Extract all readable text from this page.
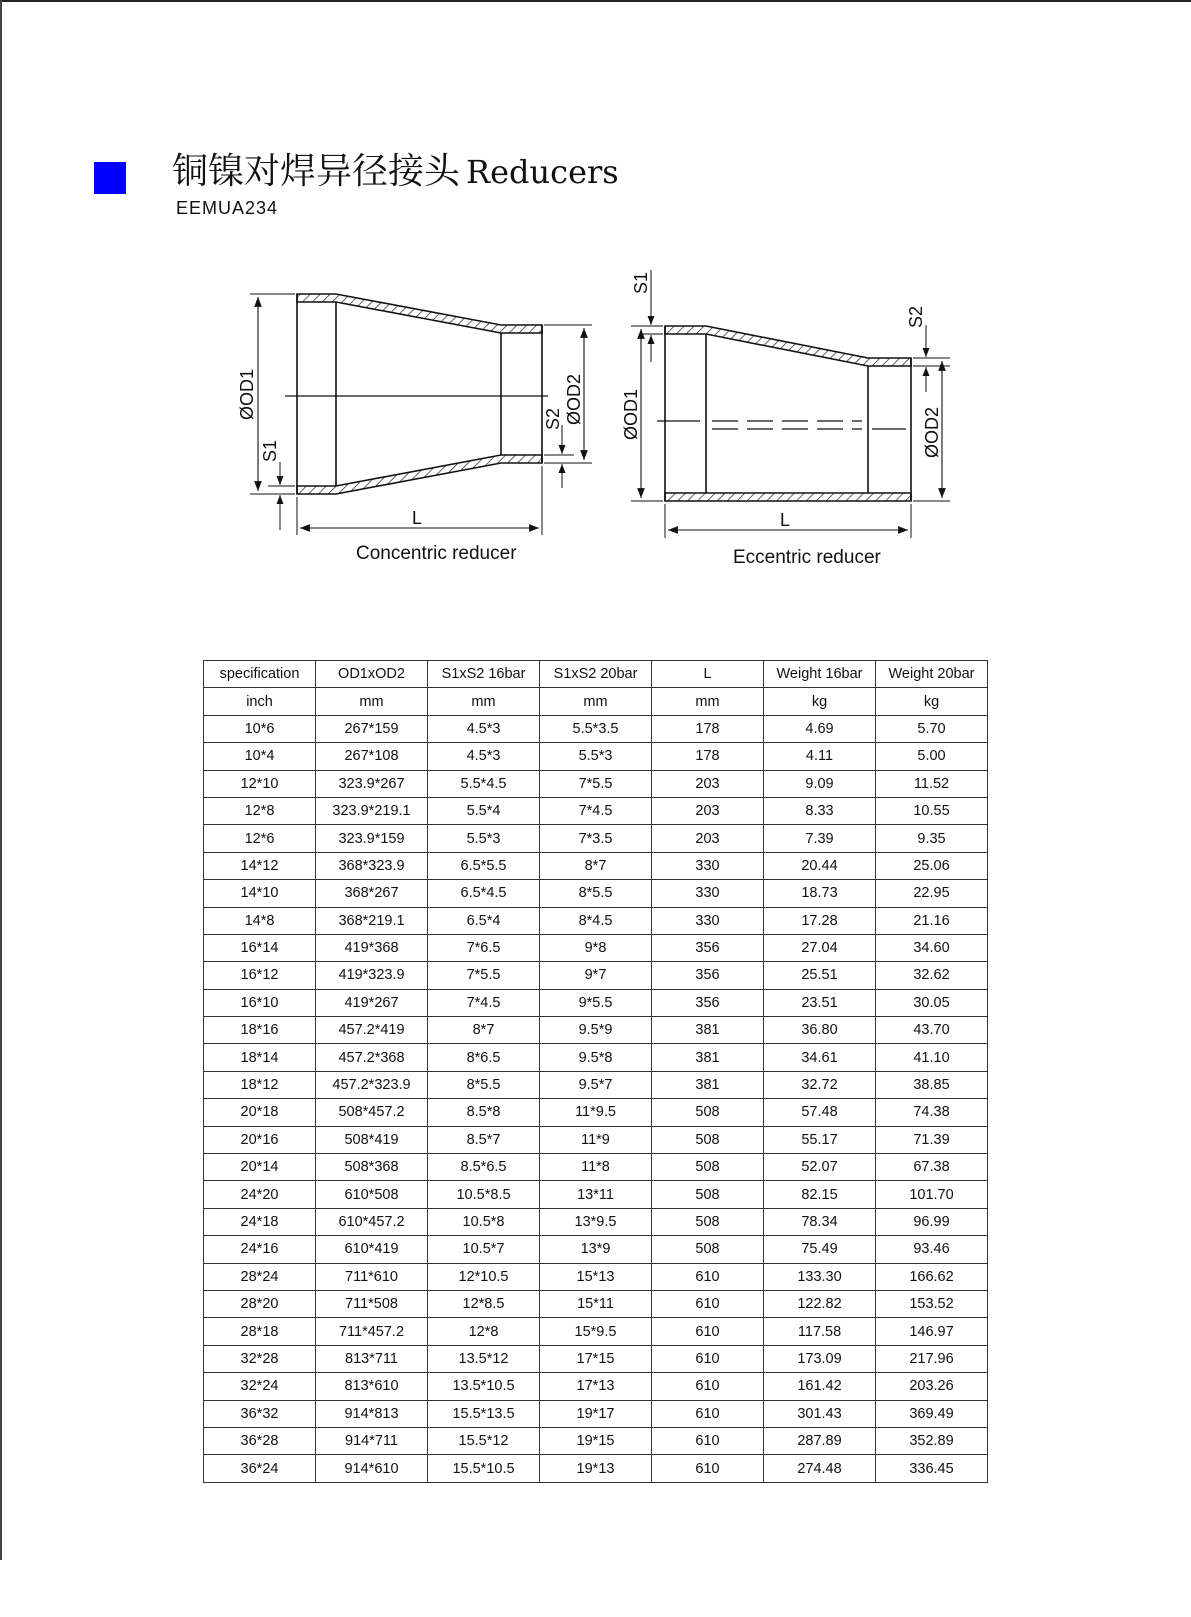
铜镍对焊异径接头 Reducers
EEMUA234
ØOD1
S1
S2 ØOD2
L
ØOD1
S1
S2
ØOD2
L
Concentric reducer	Eccentric reducer
specification	OD1xOD2	S1xS2 16bar	S1xS2 20bar	L	Weight 16bar	Weight 20bar
inch	mm	mm	mm	mm	kg	kg
10*6	267*159	4.5*3	5.5*3.5	178	4.69	5.70
10*4	267*108	4.5*3	5.5*3	178	4.11	5.00
12*10	323.9*267	5.5*4.5	7*5.5	203	9.09	11.52
12*8	323.9*219.1	5.5*4	7*4.5	203	8.33	10.55
12*6	323.9*159	5.5*3	7*3.5	203	7.39	9.35
14*12	368*323.9	6.5*5.5	8*7	330	20.44	25.06
14*10	368*267	6.5*4.5	8*5.5	330	18.73	22.95
14*8	368*219.1	6.5*4	8*4.5	330	17.28	21.16
16*14	419*368	7*6.5	9*8	356	27.04	34.60
16*12	419*323.9	7*5.5	9*7	356	25.51	32.62
16*10	419*267	7*4.5	9*5.5	356	23.51	30.05
18*16	457.2*419	8*7	9.5*9	381	36.80	43.70
18*14	457.2*368	8*6.5	9.5*8	381	34.61	41.10
18*12	457.2*323.9	8*5.5	9.5*7	381	32.72	38.85
20*18	508*457.2	8.5*8	11*9.5	508	57.48	74.38
20*16	508*419	8.5*7	11*9	508	55.17	71.39
20*14	508*368	8.5*6.5	11*8	508	52.07	67.38
24*20	610*508	10.5*8.5	13*11	508	82.15	101.70
24*18	610*457.2	10.5*8	13*9.5	508	78.34	96.99
24*16	610*419	10.5*7	13*9	508	75.49	93.46
28*24	711*610	12*10.5	15*13	610	133.30	166.62
28*20	711*508	12*8.5	15*11	610	122.82	153.52
28*18	711*457.2	12*8	15*9.5	610	117.58	146.97
32*28	813*711	13.5*12	17*15	610	173.09	217.96
32*24	813*610	13.5*10.5	17*13	610	161.42	203.26
36*32	914*813	15.5*13.5	19*17	610	301.43	369.49
36*28	914*711	15.5*12	19*15	610	287.89	352.89
36*24	914*610	15.5*10.5	19*13	610	274.48	336.45
